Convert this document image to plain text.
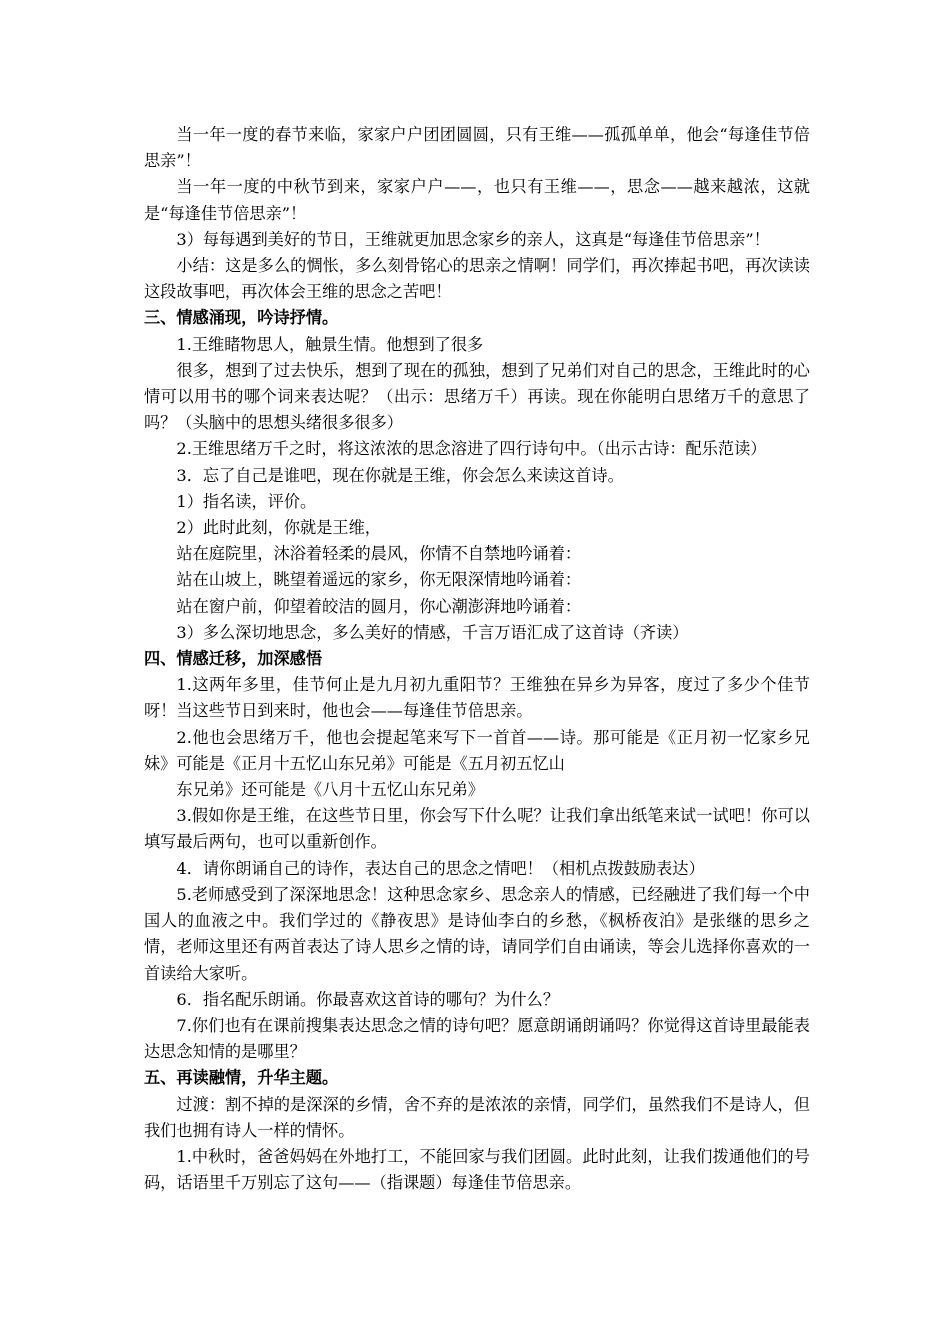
当一年一度的春节来临，家家户户团团圆圆，只有王维——孤孤单单，他会“每逢佳节倍思亲”！

当一年一度的中秋节到来，家家户户——，也只有王维——，思念——越来越浓，这就是“每逢佳节倍思亲”！

3）每每遇到美好的节日，王维就更加思念家乡的亲人，这真是“每逢佳节倍思亲”！

小结：这是多么的惆怅，多么刻骨铭心的思亲之情啊！同学们，再次捧起书吧，再次读读这段故事吧，再次体会王维的思念之苦吧！

三、情感涌现，吟诗抒情。

1.王维睹物思人，触景生情。他想到了很多

很多，想到了过去快乐，想到了现在的孤独，想到了兄弟们对自己的思念，王维此时的心情可以用书的哪个词来表达呢？（出示：思绪万千）再读。现在你能明白思绪万千的意思了吗？（头脑中的思想头绪很多很多）

2.王维思绪万千之时，将这浓浓的思念溶进了四行诗句中。（出示古诗：配乐范读）

3．忘了自己是谁吧，现在你就是王维，你会怎么来读这首诗。

1）指名读，评价。

2）此时此刻，你就是王维，

站在庭院里，沐浴着轻柔的晨风，你情不自禁地吟诵着：

站在山坡上，眺望着遥远的家乡，你无限深情地吟诵着：

站在窗户前，仰望着皎洁的圆月，你心潮澎湃地吟诵着：

3）多么深切地思念，多么美好的情感，千言万语汇成了这首诗（齐读）

四、情感迁移，加深感悟

1.这两年多里，佳节何止是九月初九重阳节？王维独在异乡为异客，度过了多少个佳节呀！当这些节日到来时，他也会——每逢佳节倍思亲。

2.他也会思绪万千，他也会提起笔来写下一首首——诗。那可能是《正月初一忆家乡兄妹》可能是《正月十五忆山东兄弟》可能是《五月初五忆山

东兄弟》还可能是《八月十五忆山东兄弟》

3.假如你是王维，在这些节日里，你会写下什么呢？让我们拿出纸笔来试一试吧！你可以填写最后两句，也可以重新创作。

4．请你朗诵自己的诗作，表达自己的思念之情吧！（相机点拨鼓励表达）

5.老师感受到了深深地思念！这种思念家乡、思念亲人的情感，已经融进了我们每一个中国人的血液之中。我们学过的《静夜思》是诗仙李白的乡愁，《枫桥夜泊》是张继的思乡之情，老师这里还有两首表达了诗人思乡之情的诗，请同学们自由诵读，等会儿选择你喜欢的一首读给大家听。

6．指名配乐朗诵。你最喜欢这首诗的哪句？为什么？

7.你们也有在课前搜集表达思念之情的诗句吧？愿意朗诵朗诵吗？你觉得这首诗里最能表达思念知情的是哪里？

五、再读融情，升华主题。

过渡：割不掉的是深深的乡情，舍不弃的是浓浓的亲情，同学们，虽然我们不是诗人，但我们也拥有诗人一样的情怀。

1.中秋时，爸爸妈妈在外地打工，不能回家与我们团圆。此时此刻，让我们拨通他们的号码，话语里千万别忘了这句——（指课题）每逢佳节倍思亲。
